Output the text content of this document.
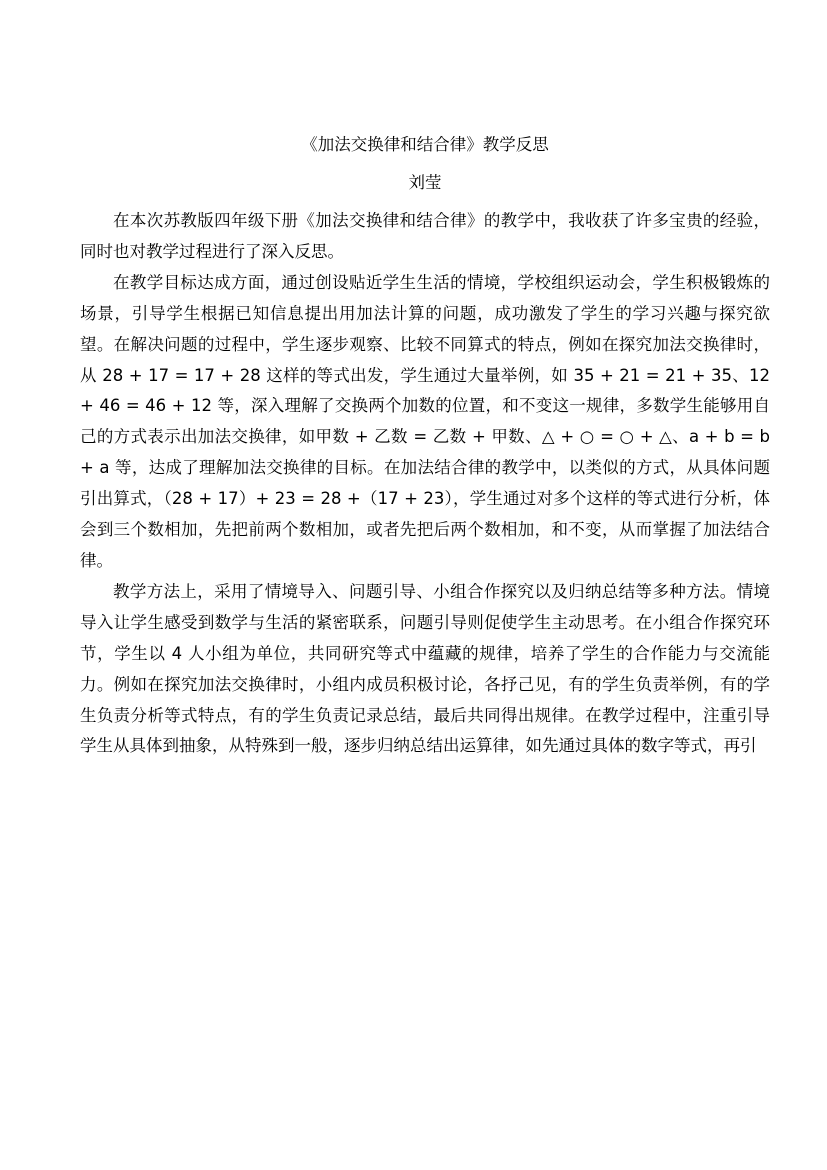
《加法交换律和结合律》教学反思
刘莹

在本次苏教版四年级下册《加法交换律和结合律》的教学中，我收获了许多宝贵的经验，同时也对教学过程进行了深入反思。

在教学目标达成方面，通过创设贴近学生生活的情境，学校组织运动会，学生积极锻炼的场景，引导学生根据已知信息提出用加法计算的问题，成功激发了学生的学习兴趣与探究欲望。在解决问题的过程中，学生逐步观察、比较不同算式的特点，例如在探究加法交换律时，从 28 + 17 = 17 + 28 这样的等式出发，学生通过大量举例，如 35 + 21 = 21 + 35、12 + 46 = 46 + 12 等，深入理解了交换两个加数的位置，和不变这一规律，多数学生能够用自己的方式表示出加法交换律，如甲数 + 乙数 = 乙数 + 甲数、△ + ○ = ○ + △、a + b = b + a 等，达成了理解加法交换律的目标。在加法结合律的教学中，以类似的方式，从具体问题引出算式，（28 + 17）+ 23 = 28 +（17 + 23），学生通过对多个这样的等式进行分析，体会到三个数相加，先把前两个数相加，或者先把后两个数相加，和不变，从而掌握了加法结合律。

教学方法上，采用了情境导入、问题引导、小组合作探究以及归纳总结等多种方法。情境导入让学生感受到数学与生活的紧密联系，问题引导则促使学生主动思考。在小组合作探究环节，学生以 4 人小组为单位，共同研究等式中蕴藏的规律，培养了学生的合作能力与交流能力。例如在探究加法交换律时，小组内成员积极讨论，各抒己见，有的学生负责举例，有的学生负责分析等式特点，有的学生负责记录总结，最后共同得出规律。在教学过程中，注重引导学生从具体到抽象，从特殊到一般，逐步归纳总结出运算律，如先通过具体的数字等式，再引
